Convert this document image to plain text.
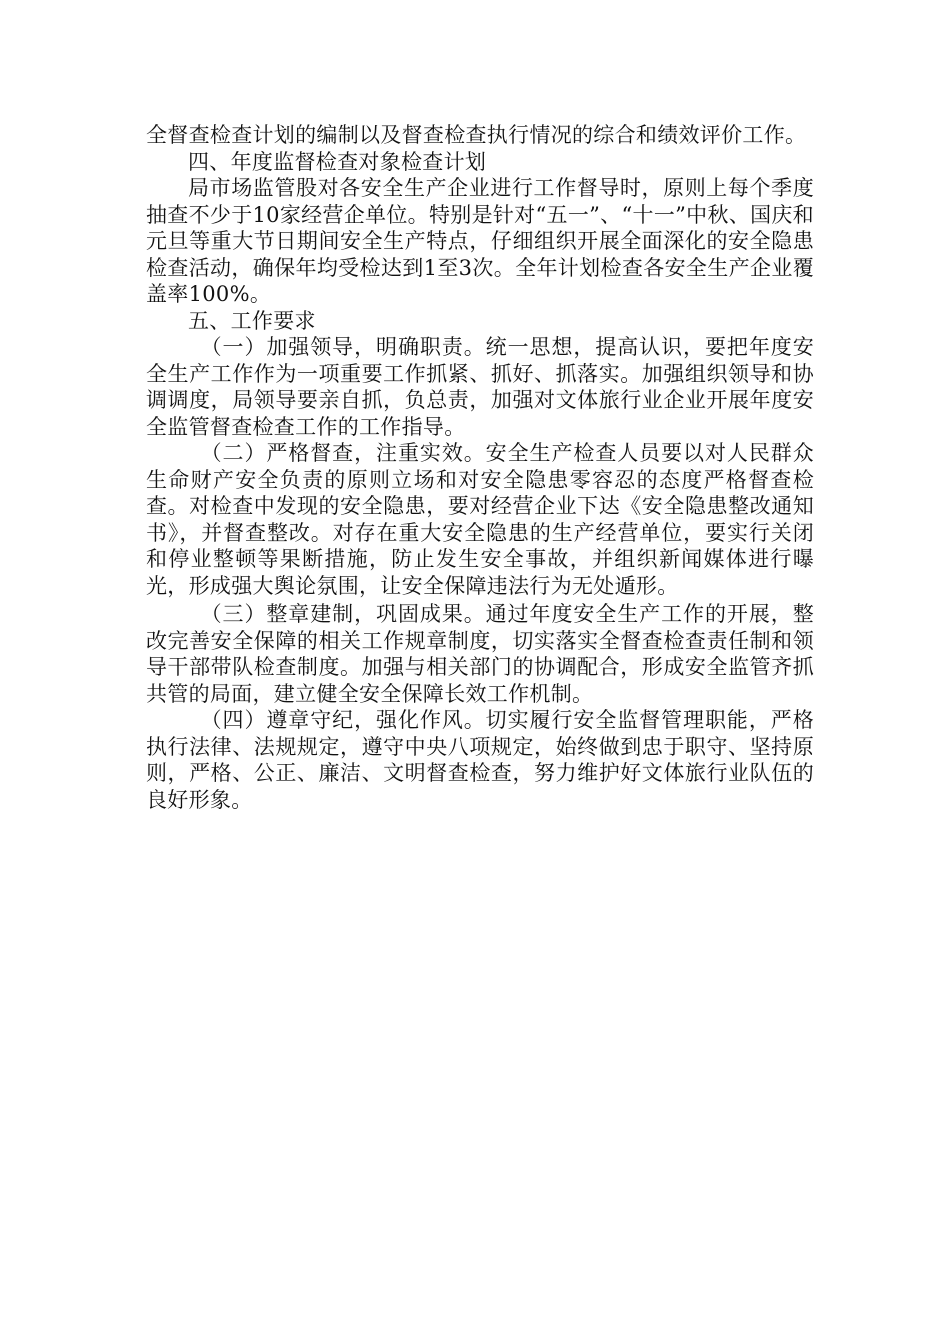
全督查检查计划的编制以及督查检查执行情况的综合和绩效评价工作。

四、年度监督检查对象检查计划

局市场监管股对各安全生产企业进行工作督导时，原则上每个季度抽查不少于10家经营企单位。特别是针对“五一”、“十一”中秋、国庆和元旦等重大节日期间安全生产特点，仔细组织开展全面深化的安全隐患检查活动，确保年均受检达到1至3次。全年计划检查各安全生产企业覆盖率100%。

五、工作要求

（一）加强领导，明确职责。统一思想，提高认识，要把年度安全生产工作作为一项重要工作抓紧、抓好、抓落实。加强组织领导和协调调度，局领导要亲自抓，负总责，加强对文体旅行业企业开展年度安全监管督查检查工作的工作指导。

（二）严格督查，注重实效。安全生产检查人员要以对人民群众生命财产安全负责的原则立场和对安全隐患零容忍的态度严格督查检查。对检查中发现的安全隐患，要对经营企业下达《安全隐患整改通知书》，并督查整改。对存在重大安全隐患的生产经营单位，要实行关闭和停业整顿等果断措施，防止发生安全事故，并组织新闻媒体进行曝光，形成强大舆论氛围，让安全保障违法行为无处遁形。

（三）整章建制，巩固成果。通过年度安全生产工作的开展，整改完善安全保障的相关工作规章制度，切实落实全督查检查责任制和领导干部带队检查制度。加强与相关部门的协调配合，形成安全监管齐抓共管的局面，建立健全安全保障长效工作机制。

（四）遵章守纪，强化作风。切实履行安全监督管理职能，严格执行法律、法规规定，遵守中央八项规定，始终做到忠于职守、坚持原则，严格、公正、廉洁、文明督查检查，努力维护好文体旅行业队伍的良好形象。
